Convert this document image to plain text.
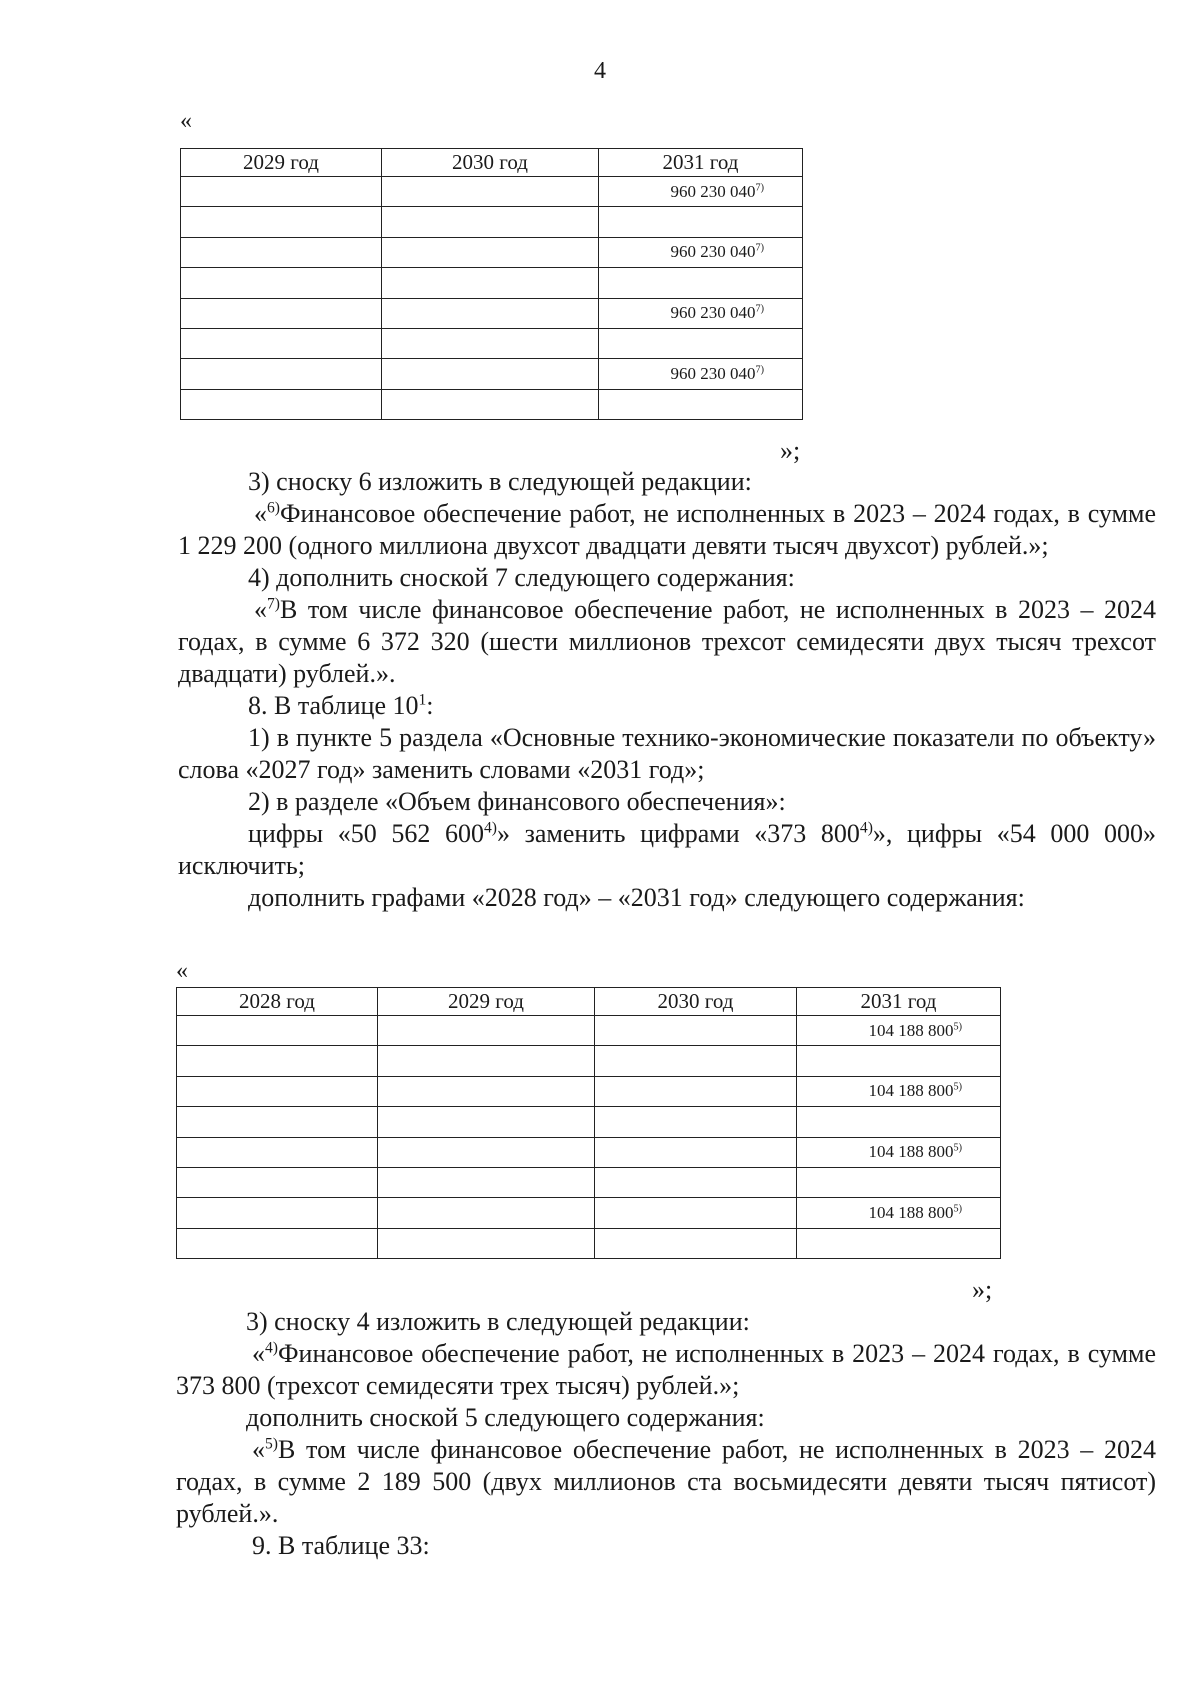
4
«
2029 год	2030 год	2031 год
		960 230 040$^{7)}$

		960 230 040$^{7)}$

		960 230 040$^{7)}$

		960 230 040$^{7)}$

»;

3) сноску 6 изложить в следующей редакции:

«$^{6)}$Финансовое обеспечение работ, не исполненных в 2023 – 2024 годах, в сумме 1 229 200 (одного миллиона двухсот двадцати девяти тысяч двухсот) рублей.»;

4) дополнить сноской 7 следующего содержания:

«$^{7)}$В том числе финансовое обеспечение работ, не исполненных в 2023 – 2024 годах, в сумме 6 372 320 (шести миллионов трехсот семидесяти двух тысяч трехсот двадцати) рублей.».

8. В таблице $10^1$:

1) в пункте 5 раздела «Основные технико-экономические показатели по объекту» слова «2027 год» заменить словами «2031 год»;

2) в разделе «Объем финансового обеспечения»:

цифры «50 562 600$^{4)}$» заменить цифрами «373 800$^{4)}$», цифры «54 000 000» исключить;

дополнить графами «2028 год» – «2031 год» следующего содержания:

«
2028 год	2029 год	2030 год	2031 год
			104 188 800$^{5)}$

			104 188 800$^{5)}$

			104 188 800$^{5)}$

			104 188 800$^{5)}$

»;

3) сноску 4 изложить в следующей редакции:

«$^{4)}$Финансовое обеспечение работ, не исполненных в 2023 – 2024 годах, в сумме 373 800 (трехсот семидесяти трех тысяч) рублей.»;

дополнить сноской 5 следующего содержания:

«$^{5)}$В том числе финансовое обеспечение работ, не исполненных в 2023 – 2024 годах, в сумме 2 189 500 (двух миллионов ста восьмидесяти девяти тысяч пятисот) рублей.».

9. В таблице 33:
